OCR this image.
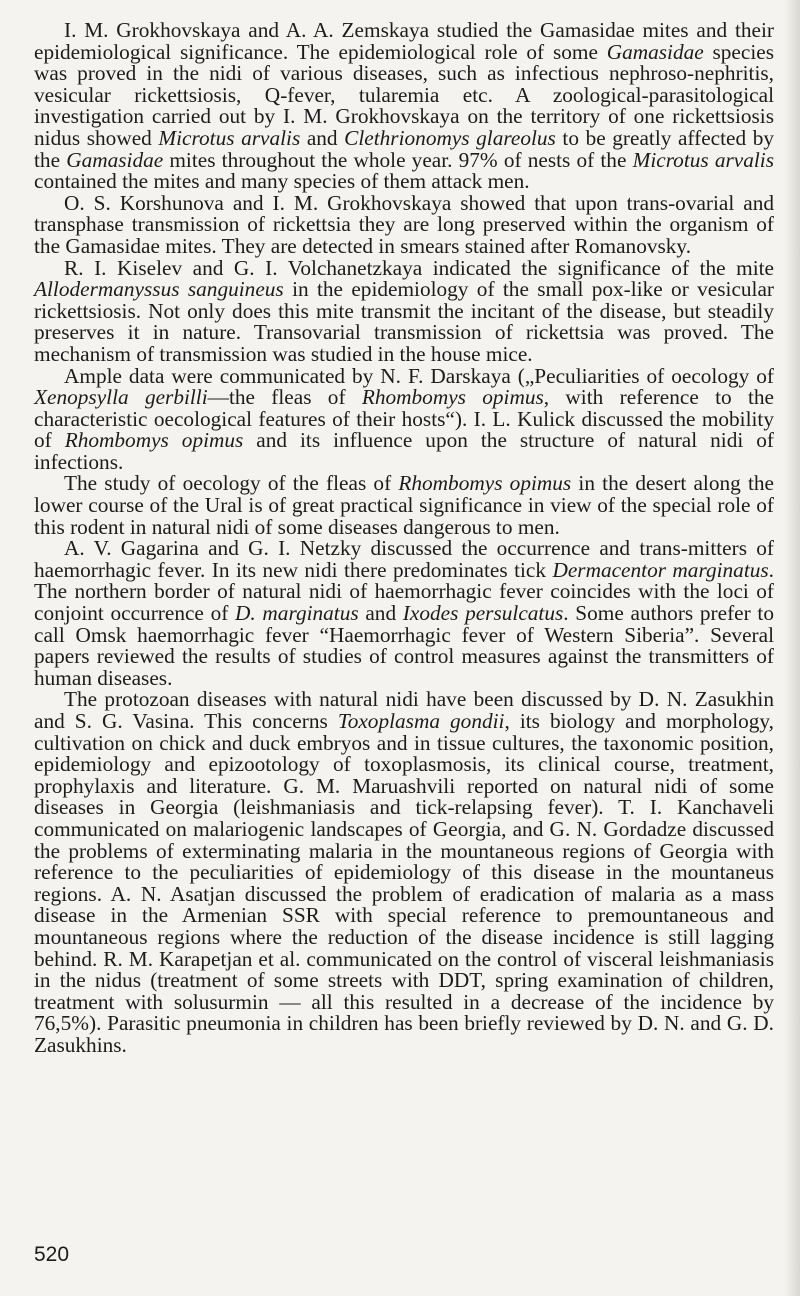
I. M. Grokhovskaya and A. A. Zemskaya studied the Gamasidae mites and their epidemiological significance. The epidemiological role of some Gamasidae species was proved in the nidi of various diseases, such as infectious nephroso-nephritis, vesicular rickettsiosis, Q-fever, tularemia etc. A zoological-parasitological investigation carried out by I. M. Grokhovskaya on the territory of one rickettsiosis nidus showed Microtus arvalis and Clethrionomys glareolus to be greatly affected by the Gamasidae mites throughout the whole year. 97% of nests of the Microtus arvalis contained the mites and many species of them attack men.

O. S. Korshunova and I. M. Grokhovskaya showed that upon trans-ovarial and transphase transmission of rickettsia they are long preserved within the organism of the Gamasidae mites. They are detected in smears stained after Romanovsky.

R. I. Kiselev and G. I. Volchanetzkaya indicated the significance of the mite Allodermanyssus sanguineus in the epidemiology of the small pox-like or vesicular rickettsiosis. Not only does this mite transmit the incitant of the disease, but steadily preserves it in nature. Transovarial transmission of rickettsia was proved. The mechanism of transmission was studied in the house mice.

Ample data were communicated by N. F. Darskaya („Peculiarities of oecology of Xenopsylla gerbilli—the fleas of Rhombomys opimus, with reference to the characteristic oecological features of their hosts“). I. L. Kulick discussed the mobility of Rhombomys opimus and its influence upon the structure of natural nidi of infections.

The study of oecology of the fleas of Rhombomys opimus in the desert along the lower course of the Ural is of great practical significance in view of the special role of this rodent in natural nidi of some diseases dangerous to men.

A. V. Gagarina and G. I. Netzky discussed the occurrence and trans-mitters of haemorrhagic fever. In its new nidi there predominates tick Dermacentor marginatus. The northern border of natural nidi of haemorrhagic fever coincides with the loci of conjoint occurrence of D. marginatus and Ixodes persulcatus. Some authors prefer to call Omsk haemorrhagic fever “Haemorrhagic fever of Western Siberia”. Several papers reviewed the results of studies of control measures against the transmitters of human diseases.

The protozoan diseases with natural nidi have been discussed by D. N. Zasukhin and S. G. Vasina. This concerns Toxoplasma gondii, its biology and morphology, cultivation on chick and duck embryos and in tissue cultures, the taxonomic position, epidemiology and epizootology of toxoplasmosis, its clinical course, treatment, prophylaxis and literature. G. M. Maruashvili reported on natural nidi of some diseases in Georgia (leishmaniasis and tick-relapsing fever). T. I. Kanchaveli communicated on malariogenic landscapes of Georgia, and G. N. Gordadze discussed the problems of exterminating malaria in the mountaneous regions of Georgia with reference to the peculiarities of epidemiology of this disease in the mountaneus regions. A. N. Asatjan discussed the problem of eradication of malaria as a mass disease in the Armenian SSR with special reference to premountaneous and mountaneous regions where the reduction of the disease incidence is still lagging behind. R. M. Karapetjan et al. communicated on the control of visceral leishmaniasis in the nidus (treatment of some streets with DDT, spring examination of children, treatment with solusurmin — all this resulted in a decrease of the incidence by 76,5%). Parasitic pneumonia in children has been briefly reviewed by D. N. and G. D. Zasukhins.

520
